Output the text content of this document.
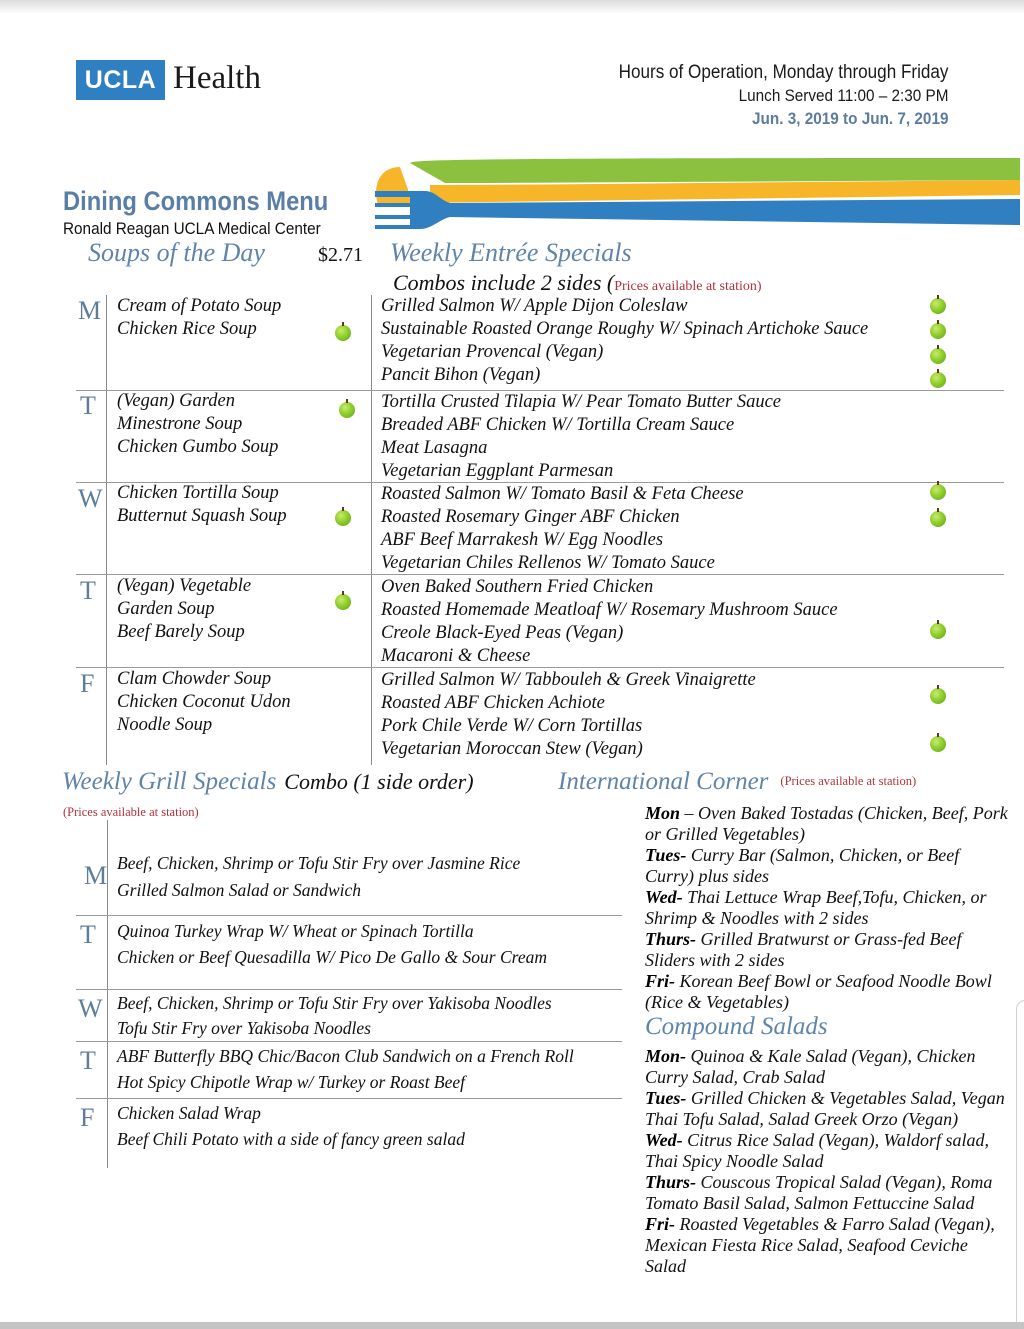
UCLA Health	Hours of Operation, Monday through Friday
Lunch Served 11:00 – 2:30 PM
Jun. 3, 2019 to Jun. 7, 2019
Dining Commons Menu
Ronald Reagan UCLA Medical Center
Soups of the Day	$2.71 Weekly Entrée Specials
Combos include 2 sides (Prices available at station)
M Cream of Potato Soup
Chicken Rice Soup
T (Vegan) Garden
Minestrone Soup
Chicken Gumbo Soup
W Chicken Tortilla Soup
Butternut Squash Soup
T (Vegan) Vegetable
Garden Soup
Beef Barely Soup
F Clam Chowder Soup
Chicken Coconut Udon
Noodle Soup
Grilled Salmon W/ Apple Dijon Coleslaw
Sustainable Roasted Orange Roughy W/ Spinach Artichoke Sauce
Vegetarian Provencal (Vegan)
Pancit Bihon (Vegan)
Tortilla Crusted Tilapia W/ Pear Tomato Butter Sauce
Breaded ABF Chicken W/ Tortilla Cream Sauce
Meat Lasagna
Vegetarian Eggplant Parmesan
Roasted Salmon W/ Tomato Basil & Feta Cheese
Roasted Rosemary Ginger ABF Chicken
ABF Beef Marrakesh W/ Egg Noodles
Vegetarian Chiles Rellenos W/ Tomato Sauce
Oven Baked Southern Fried Chicken
Roasted Homemade Meatloaf W/ Rosemary Mushroom Sauce
Creole Black-Eyed Peas (Vegan)
Macaroni & Cheese
Grilled Salmon W/ Tabbouleh & Greek Vinaigrette
Roasted ABF Chicken Achiote
Pork Chile Verde W/ Corn Tortillas
Vegetarian Moroccan Stew (Vegan)
Weekly Grill Specials Combo (1 side order)
(Prices available at station)
M Beef, Chicken, Shrimp or Tofu Stir Fry over Jasmine Rice
Grilled Salmon Salad or Sandwich
T Quinoa Turkey Wrap W/ Wheat or Spinach Tortilla
Chicken or Beef Quesadilla W/ Pico De Gallo & Sour Cream
W Beef, Chicken, Shrimp or Tofu Stir Fry over Yakisoba Noodles
Tofu Stir Fry over Yakisoba Noodles
T ABF Butterfly BBQ Chic/Bacon Club Sandwich on a French Roll
Hot Spicy Chipotle Wrap w/ Turkey or Roast Beef
F Chicken Salad Wrap
Beef Chili Potato with a side of fancy green salad
International Corner $^{(Prices available at station)}$

Mon – Oven Baked Tostadas (Chicken, Beef, Pork or Grilled Vegetables)

Tues- Curry Bar (Salmon, Chicken, or Beef Curry) plus sides

Wed- Thai Lettuce Wrap Beef,Tofu, Chicken, or Shrimp & Noodles with 2 sides

Thurs- Grilled Bratwurst or Grass-fed Beef Sliders with 2 sides

Fri- Korean Beef Bowl or Seafood Noodle Bowl (Rice & Vegetables)

Compound Salads

Mon- Quinoa & Kale Salad (Vegan), Chicken Curry Salad, Crab Salad

Tues- Grilled Chicken & Vegetables Salad, Vegan Thai Tofu Salad, Salad Greek Orzo (Vegan)

Wed- Citrus Rice Salad (Vegan), Waldorf salad, Thai Spicy Noodle Salad

Thurs- Couscous Tropical Salad (Vegan), Roma Tomato Basil Salad, Salmon Fettuccine Salad

Fri- Roasted Vegetables & Farro Salad (Vegan), Mexican Fiesta Rice Salad, Seafood Ceviche Salad
